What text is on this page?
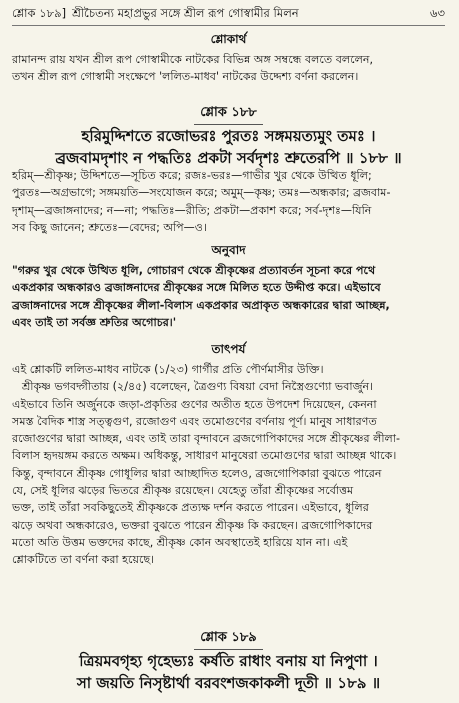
শ্লোক ১৮৯] শ্রীচৈতন্য মহাপ্রভুর সঙ্গে শ্রীল রূপ গোস্বামীর মিলন	৬৩
শ্লোকার্থ
রামানন্দ রায় যখন শ্রীল রূপ গোস্বামীকে নাটকের বিভিন্ন অঙ্গ সম্বন্ধে বলতে বললেন,
তখন শ্রীল রূপ গোস্বামী সংক্ষেপে 'ললিত-মাধব' নাটকের উদ্দেশ্য বর্ণনা করলেন।
শ্লোক ১৮৮
হরিমুদ্দিশতে রজোভরঃ পুরতঃ সঙ্গময়ত্যমুং তমঃ ।
ব্রজবামদৃশাং ন পদ্ধতিঃ প্রকটা সর্বদৃশঃ শ্রুতেরপি ॥ ১৮৮ ॥
হরিম্—শ্রীকৃষ্ণ; উদ্দিশতে—সূচিত করে; রজঃ-ভরঃ—গাভীর খুর থেকে উত্থিত ধূলি;
পুরতঃ—অগ্রভাগে; সঙ্গময়তি—সংযোজন করে; অমুম্—কৃষ্ণ; তমঃ—অন্ধকার; ব্রজবাম-
দৃশাম্—ব্রজাঙ্গনাদের; ন—না; পদ্ধতিঃ—রীতি; প্রকটা—প্রকাশ করে; সর্ব-দৃশঃ—যিনি
সব কিছু জানেন; শ্রুতেঃ—বেদের; অপি—ও।
অনুবাদ
"গরুর খুর থেকে উত্থিত ধূলি, গোচারণ থেকে শ্রীকৃষ্ণের প্রত্যাবর্তন সূচনা করে পথে
একপ্রকার অন্ধকারও ব্রজাঙ্গনাদের শ্রীকৃষ্ণের সঙ্গে মিলিত হতে উদ্দীপ্ত করে। এইভাবে
ব্রজাঙ্গনাদের সঙ্গে শ্রীকৃষ্ণের লীলা-বিলাস একপ্রকার অপ্রাকৃত অন্ধকারের দ্বারা আচ্ছন্ন,
এবং তাই তা সর্বজ্ঞ শ্রুতির অগোচর।'
তাৎপর্য
এই শ্লোকটি ললিত-মাধব নাটকে (১/২৩) গার্গীর প্রতি পৌর্ণমাসীর উক্তি।
শ্রীকৃষ্ণ ভগবদ্গীতায় (২/৪৫) বলেছেন, ত্রৈগুণ্য বিষয়া বেদা নিস্ত্রৈগুণ্যো ভবার্জুন।
এইভাবে তিনি অর্জুনকে জড়া-প্রকৃতির গুণের অতীত হতে উপদেশ দিয়েছেন, কেননা
সমস্ত বৈদিক শাস্ত্র সত্ত্বগুণ, রজোগুণ এবং তমোগুণের বর্ণনায় পূর্ণ। মানুষ সাধারণত
রজোগুণের দ্বারা আচ্ছন্ন, এবং তাই তারা বৃন্দাবনে ব্রজগোপিকাদের সঙ্গে শ্রীকৃষ্ণের লীলা-
বিলাস হৃদয়ঙ্গম করতে অক্ষম। অধিকন্তু, সাধারণ মানুষেরা তমোগুণের দ্বারা আচ্ছন্ন থাকে।
কিন্তু, বৃন্দাবনে শ্রীকৃষ্ণ গোধূলির দ্বারা আচ্ছাদিত হলেও, ব্রজগোপিকারা বুঝতে পারেন
যে, সেই ধূলির ঝড়ের ভিতরে শ্রীকৃষ্ণ রয়েছেন। যেহেতু তাঁরা শ্রীকৃষ্ণের সর্বোত্তম
ভক্ত, তাই তাঁরা সবকিছুতেই শ্রীকৃষ্ণকে প্রত্যক্ষ দর্শন করতে পারেন। এইভাবে, ধূলির
ঝড়ে অথবা অন্ধকারেও, ভক্তরা বুঝতে পারেন শ্রীকৃষ্ণ কি করছেন। ব্রজগোপিকাদের
মতো অতি উত্তম ভক্তদের কাছে, শ্রীকৃষ্ণ কোন অবস্থাতেই হারিয়ে যান না। এই
শ্লোকটিতে তা বর্ণনা করা হয়েছে।
শ্লোক ১৮৯
ত্রিয়মবগৃহ্য গৃহেভ্যঃ কর্ষতি রাধাং বনায় যা নিপুণা ।
সা জয়তি নিসৃষ্টার্থা বরবংশজকাকলী দূতী ॥ ১৮৯ ॥
